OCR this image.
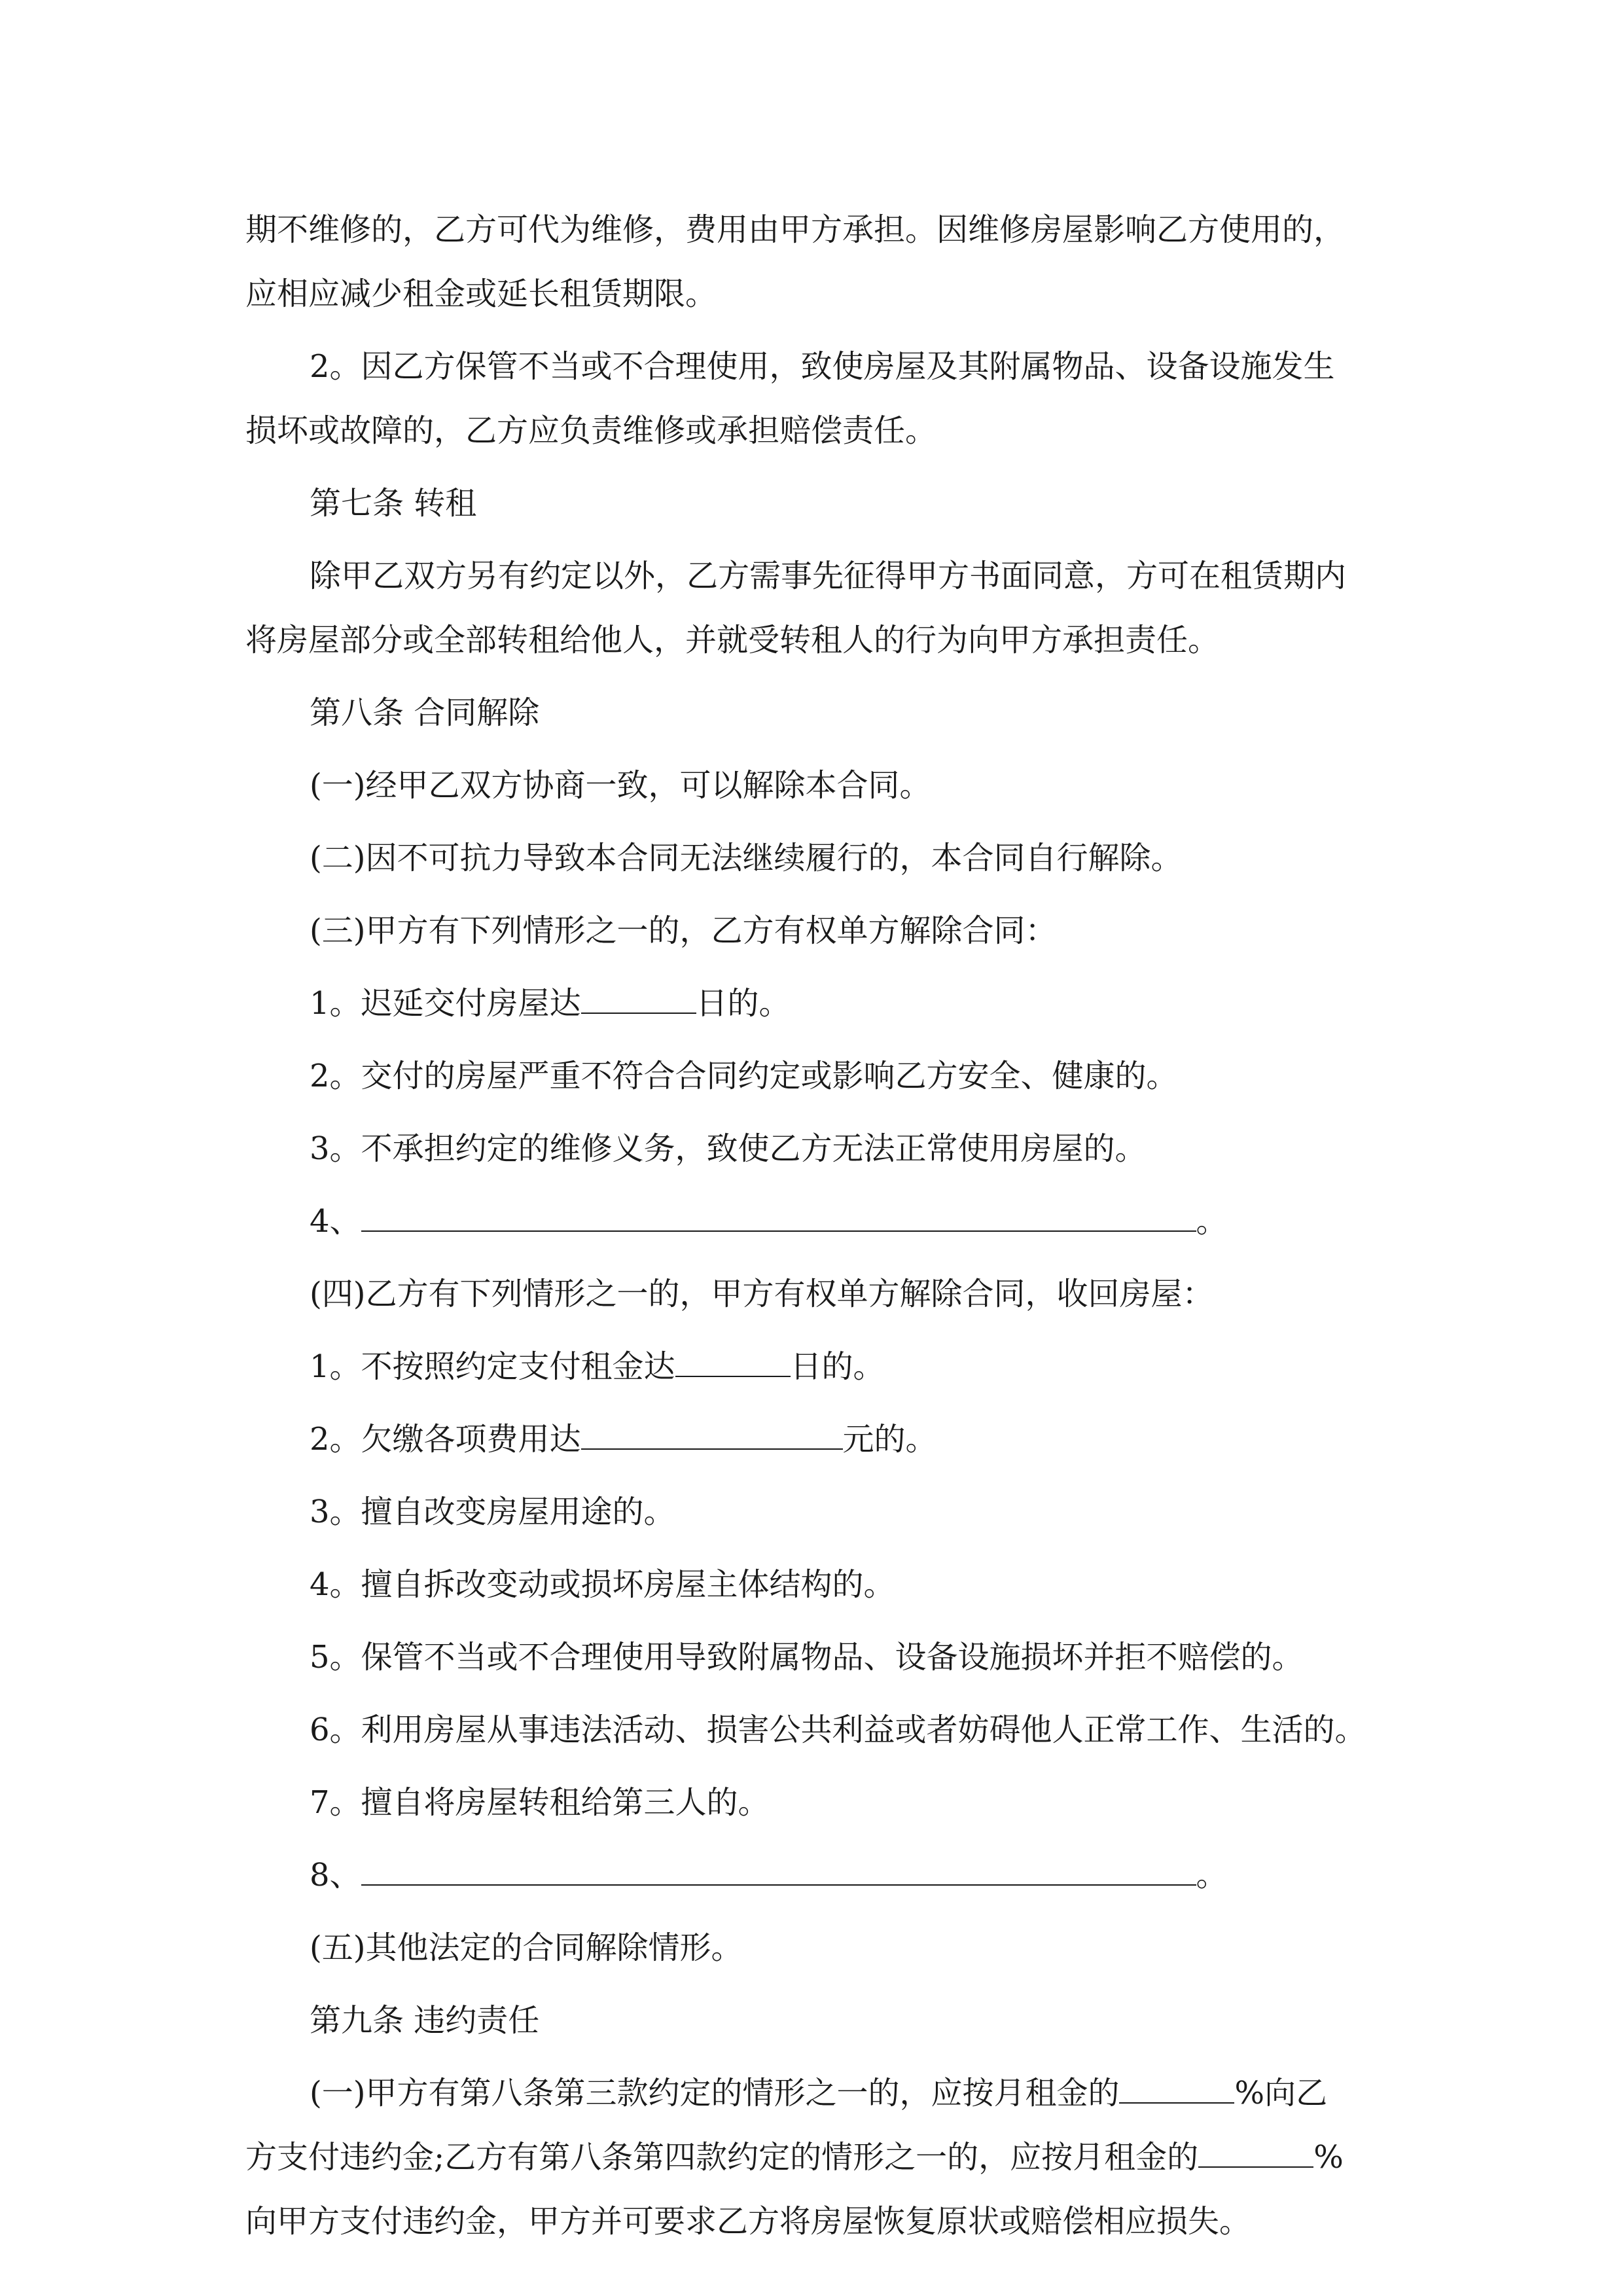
期不维修的，乙方可代为维修，费用由甲方承担。因维修房屋影响乙方使用的，

应相应减少租金或延长租赁期限。

2。因乙方保管不当或不合理使用，致使房屋及其附属物品、设备设施发生

损坏或故障的，乙方应负责维修或承担赔偿责任。

第七条 转租

除甲乙双方另有约定以外，乙方需事先征得甲方书面同意，方可在租赁期内

将房屋部分或全部转租给他人，并就受转租人的行为向甲方承担责任。

第八条 合同解除

(一)经甲乙双方协商一致，可以解除本合同。

(二)因不可抗力导致本合同无法继续履行的，本合同自行解除。

(三)甲方有下列情形之一的，乙方有权单方解除合同：

1。迟延交付房屋达	日的。

2。交付的房屋严重不符合合同约定或影响乙方安全、健康的。

3。不承担约定的维修义务，致使乙方无法正常使用房屋的。

4、	。

(四)乙方有下列情形之一的，甲方有权单方解除合同，收回房屋：

1。不按照约定支付租金达	日的。

2。欠缴各项费用达	元的。

3。擅自改变房屋用途的。

4。擅自拆改变动或损坏房屋主体结构的。

5。保管不当或不合理使用导致附属物品、设备设施损坏并拒不赔偿的。

6。利用房屋从事违法活动、损害公共利益或者妨碍他人正常工作、生活的。

7。擅自将房屋转租给第三人的。

8、	。

(五)其他法定的合同解除情形。

第九条 违约责任

(一)甲方有第八条第三款约定的情形之一的，应按月租金的	%向乙

方支付违约金;乙方有第八条第四款约定的情形之一的，应按月租金的	%

向甲方支付违约金，甲方并可要求乙方将房屋恢复原状或赔偿相应损失。
